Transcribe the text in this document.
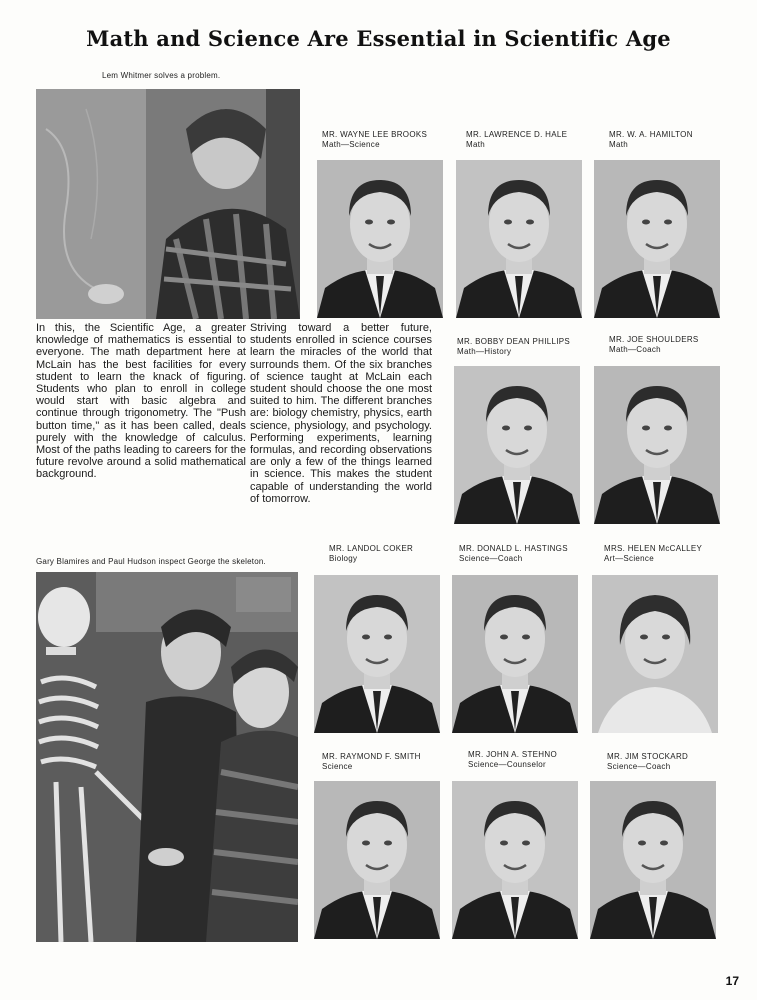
Math and Science Are Essential in Scientific Age
Lem Whitmer solves a problem.

In this, the Scientific Age, a greater knowledge of mathematics is essential to everyone. The math department here at McLain has the best facilities for every student to learn the knack of figuring. Students who plan to enroll in college would start with basic algebra and continue through trigonometry. The "Push button time," as it has been called, deals purely with the knowledge of calculus. Most of the paths leading to careers for the future revolve around a solid mathematical background.

Striving toward a better future, students enrolled in science courses learn the miracles of the world that surrounds them. Of the six branches of science taught at McLain each student should choose the one most suited to him. The different branches are: biology chemistry, physics, earth science, physiology, and psychology. Performing experiments, learning formulas, and recording observations are only a few of the things learned in science. This makes the student capable of understanding the world of tomorrow.

Gary Blamires and Paul Hudson inspect George the skeleton.
MR. WAYNE LEE BROOKS
Math—Science
MR. LAWRENCE D. HALE
Math
MR. W. A. HAMILTON
Math
MR. BOBBY DEAN PHILLIPS
Math—History
MR. JOE SHOULDERS
Math—Coach
MR. LANDOL COKER
Biology
MR. DONALD L. HASTINGS
Science—Coach
MRS. HELEN McCALLEY
Art—Science
MR. RAYMOND F. SMITH
Science
MR. JOHN A. STEHNO
Science—Counselor
MR. JIM STOCKARD
Science—Coach
17
